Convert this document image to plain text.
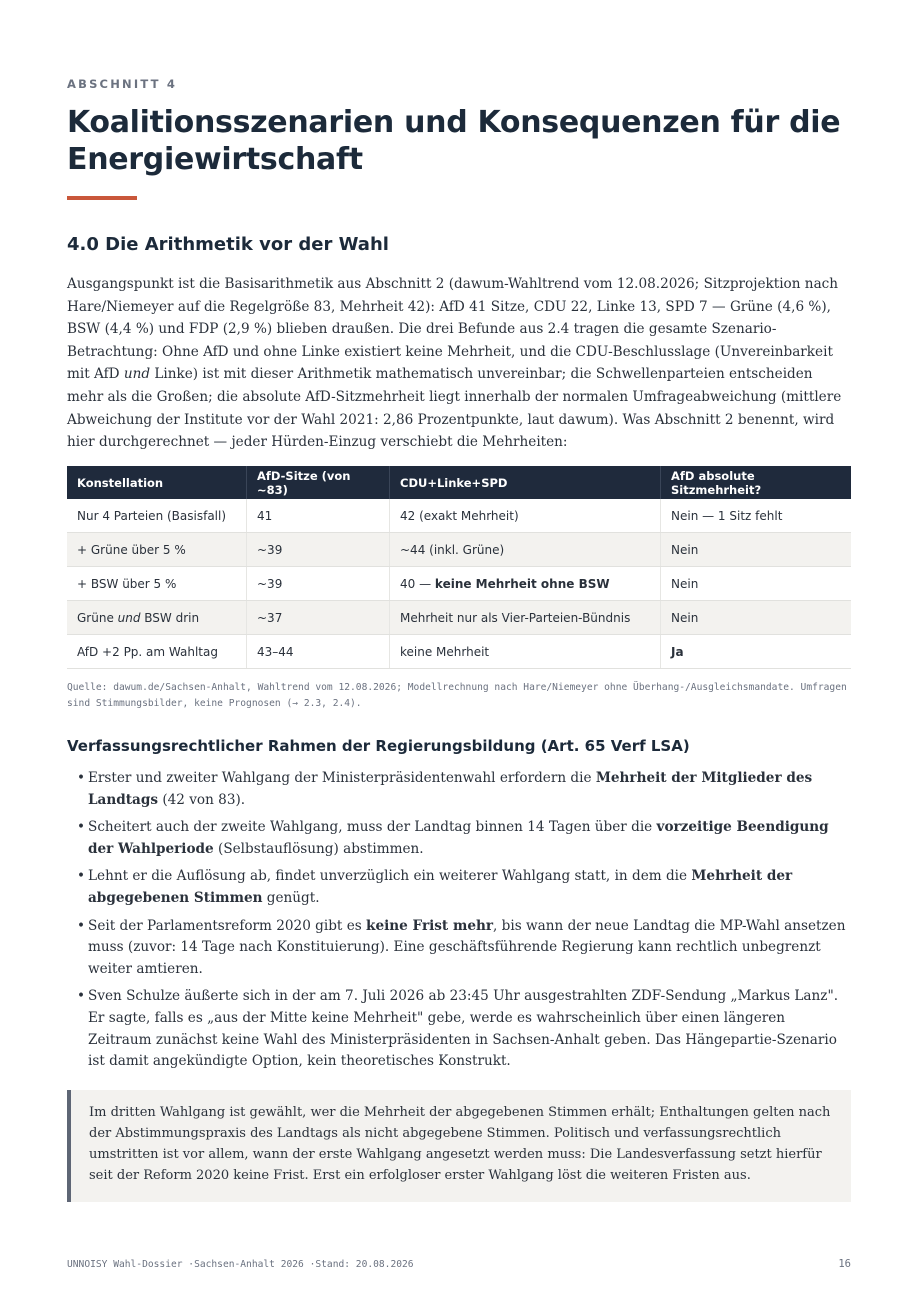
ABSCHNITT 4
Koalitionsszenarien und Konsequenzen für die Energiewirtschaft
4.0 Die Arithmetik vor der Wahl

Ausgangspunkt ist die Basisarithmetik aus Abschnitt 2 (dawum-Wahltrend vom 12.08.2026; Sitzprojektion nach Hare/Niemeyer auf die Regelgröße 83, Mehrheit 42): AfD 41 Sitze, CDU 22, Linke 13, SPD 7 — Grüne (4,6 %), BSW (4,4 %) und FDP (2,9 %) blieben draußen. Die drei Befunde aus 2.4 tragen die gesamte Szenario-Betrachtung: Ohne AfD und ohne Linke existiert keine Mehrheit, und die CDU-Beschlusslage (Unvereinbarkeit mit AfD und Linke) ist mit dieser Arithmetik mathematisch unvereinbar; die Schwellenparteien entscheiden mehr als die Großen; die absolute AfD-Sitzmehrheit liegt innerhalb der normalen Umfrageabweichung (mittlere Abweichung der Institute vor der Wahl 2021: 2,86 Prozentpunkte, laut dawum). Was Abschnitt 2 benennt, wird hier durchgerechnet — jeder Hürden-Einzug verschiebt die Mehrheiten:

Konstellation	AfD-Sitze (von ~83)	CDU+Linke+SPD	AfD absolute Sitzmehrheit?
Nur 4 Parteien (Basisfall)	41	42 (exakt Mehrheit)	Nein — 1 Sitz fehlt
+ Grüne über 5 %	~39	~44 (inkl. Grüne)	Nein
+ BSW über 5 %	~39	40 — keine Mehrheit ohne BSW	Nein
Grüne und BSW drin	~37	Mehrheit nur als Vier-Parteien-Bündnis	Nein
AfD +2 Pp. am Wahltag	43–44	keine Mehrheit	Ja

Quelle: dawum.de/Sachsen-Anhalt, Wahltrend vom 12.08.2026; Modellrechnung nach Hare/Niemeyer ohne Überhang-/Ausgleichsmandate. Umfragen sind Stimmungsbilder, keine Prognosen (→ 2.3, 2.4).

Verfassungsrechtlicher Rahmen der Regierungsbildung (Art. 65 Verf LSA)
• Erster und zweiter Wahlgang der Ministerpräsidentenwahl erfordern die Mehrheit der Mitglieder des Landtags (42 von 83).
• Scheitert auch der zweite Wahlgang, muss der Landtag binnen 14 Tagen über die vorzeitige Beendigung der Wahlperiode (Selbstauflösung) abstimmen.
• Lehnt er die Auflösung ab, findet unverzüglich ein weiterer Wahlgang statt, in dem die Mehrheit der abgegebenen Stimmen genügt.
• Seit der Parlamentsreform 2020 gibt es keine Frist mehr, bis wann der neue Landtag die MP-Wahl ansetzen muss (zuvor: 14 Tage nach Konstituierung). Eine geschäftsführende Regierung kann rechtlich unbegrenzt weiter amtieren.
• Sven Schulze äußerte sich in der am 7. Juli 2026 ab 23:45 Uhr ausgestrahlten ZDF-Sendung „Markus Lanz". Er sagte, falls es „aus der Mitte keine Mehrheit" gebe, werde es wahrscheinlich über einen längeren Zeitraum zunächst keine Wahl des Ministerpräsidenten in Sachsen-Anhalt geben. Das Hängepartie-Szenario ist damit angekündigte Option, kein theoretisches Konstrukt.

Im dritten Wahlgang ist gewählt, wer die Mehrheit der abgegebenen Stimmen erhält; Enthaltungen gelten nach der Abstimmungspraxis des Landtags als nicht abgegebene Stimmen. Politisch und verfassungsrechtlich umstritten ist vor allem, wann der erste Wahlgang angesetzt werden muss: Die Landesverfassung setzt hierfür seit der Reform 2020 keine Frist. Erst ein erfolgloser erster Wahlgang löst die weiteren Fristen aus.

UNNOISY Wahl-Dossier ·Sachsen-Anhalt 2026 ·Stand: 20.08.2026	16
